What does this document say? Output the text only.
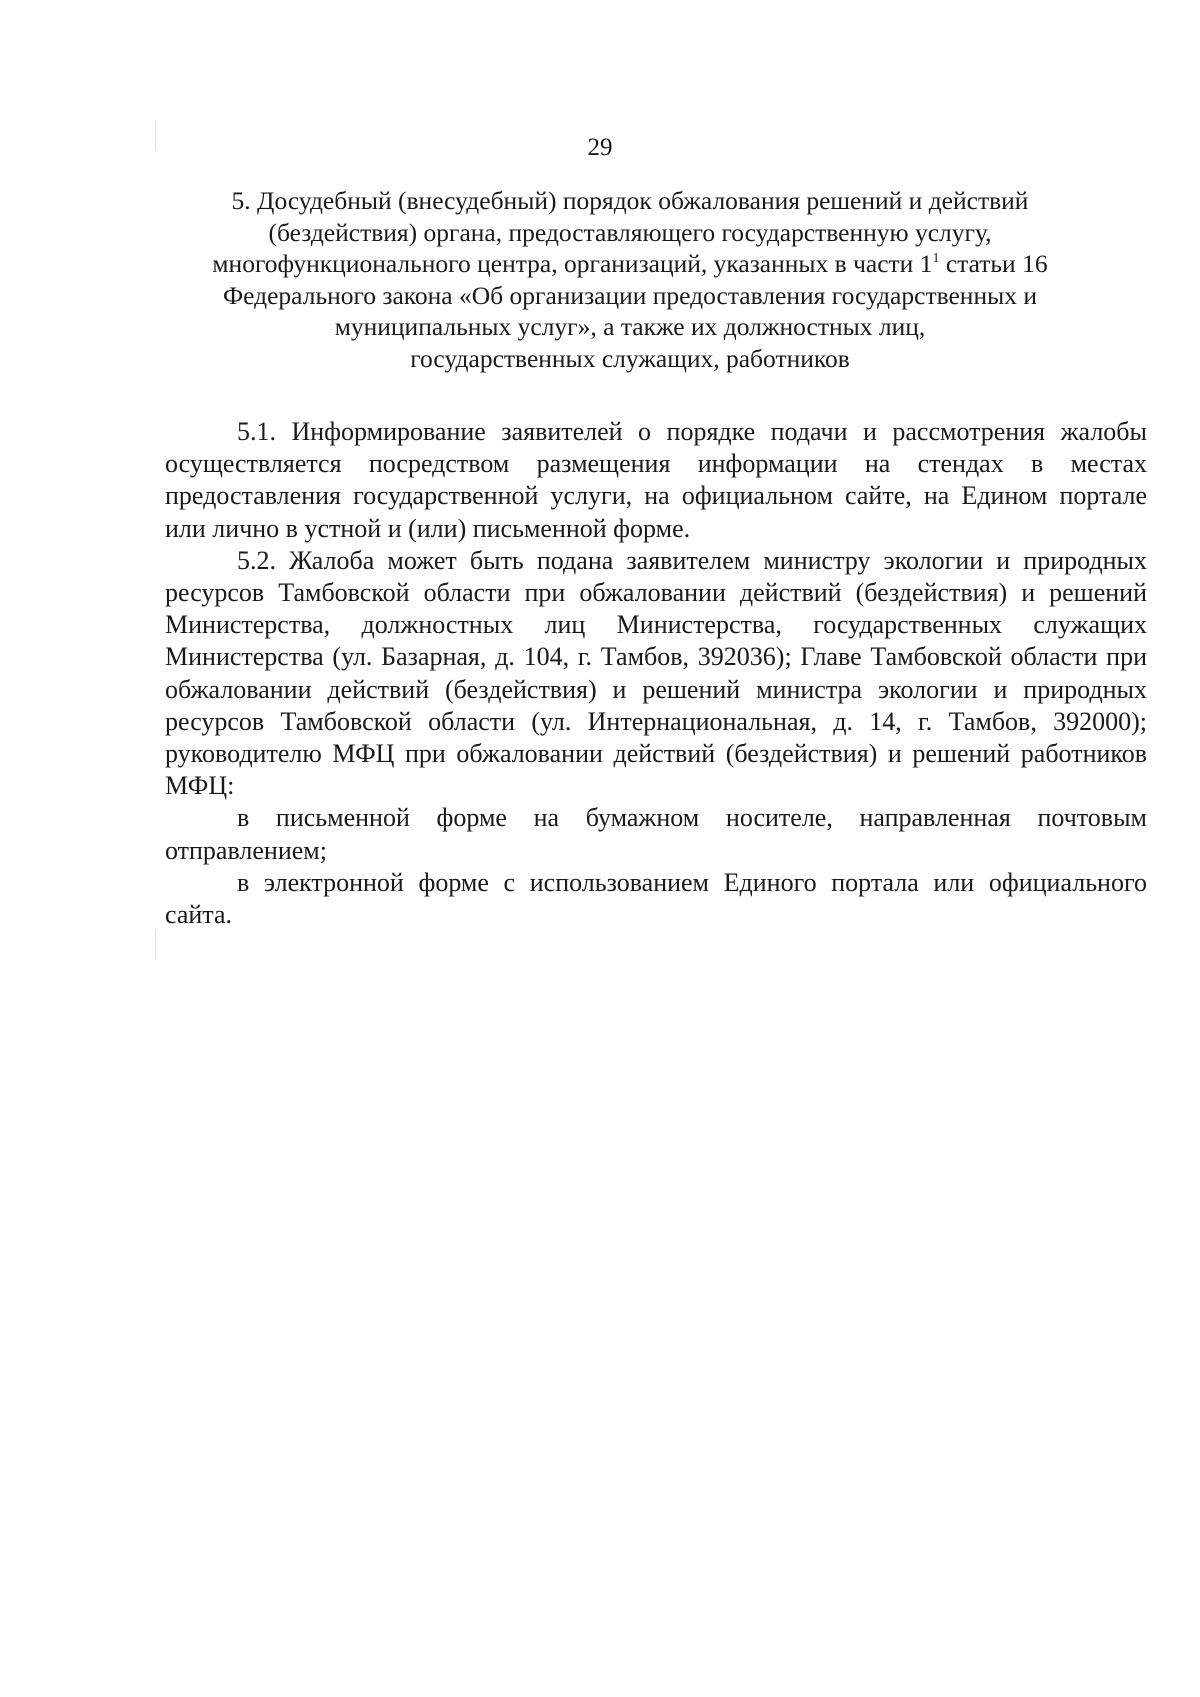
29
5. Досудебный (внесудебный) порядок обжалования решений и действий
(бездействия) органа, предоставляющего государственную услугу,
многофункционального центра, организаций, указанных в части $1^1$ статьи 16
Федерального закона «Об организации предоставления государственных и
муниципальных услуг», а также их должностных лиц,
государственных служащих, работников

5.1. Информирование заявителей о порядке подачи и рассмотрения жалобы осуществляется посредством размещения информации на стендах в местах предоставления государственной услуги, на официальном сайте, на Едином портале или лично в устной и (или) письменной форме.

5.2. Жалоба может быть подана заявителем министру экологии и природных ресурсов Тамбовской области при обжаловании действий (бездействия) и решений Министерства, должностных лиц Министерства, государственных служащих Министерства (ул. Базарная, д. 104, г. Тамбов, 392036); Главе Тамбовской области при обжаловании действий (бездействия) и решений министра экологии и природных ресурсов Тамбовской области (ул. Интернациональная, д. 14, г. Тамбов, 392000); руководителю МФЦ при обжаловании действий (бездействия) и решений работников МФЦ:

в письменной форме на бумажном носителе, направленная почтовым отправлением;

в электронной форме с использованием Единого портала или официального сайта.
